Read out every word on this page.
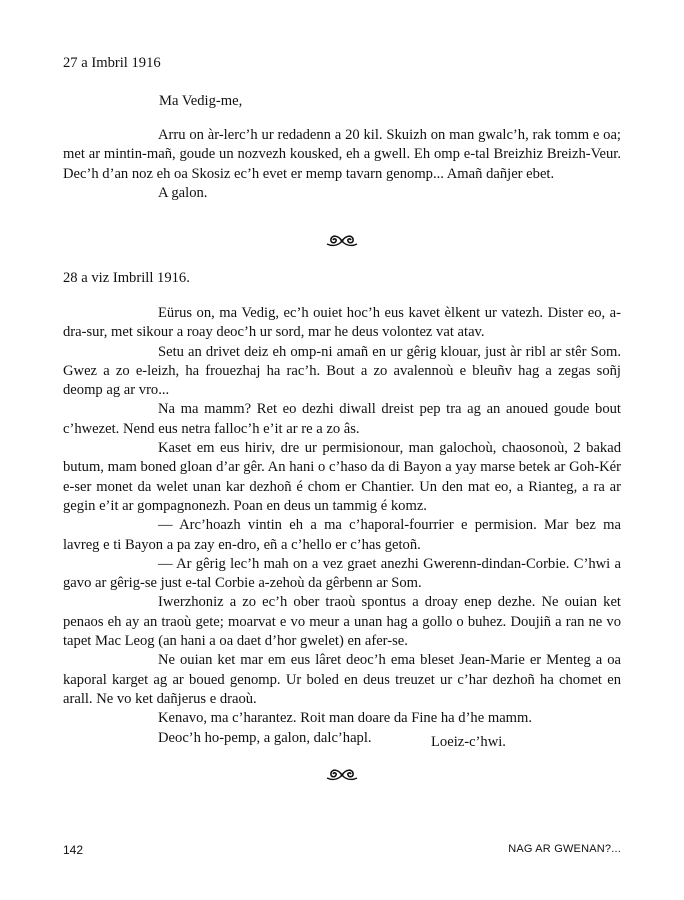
27 a Imbril 1916
Ma Vedig-me,

Arru on àr-lerc’h ur redadenn a 20 kil. Skuizh on man gwalc’h, rak tomm e oa; met ar mintin-mañ, goude un nozvezh kousked, eh a gwell. Eh omp e-tal Breizhiz Breizh-Veur. Dec’h d’an noz eh oa Skosiz ec’h evet er memp tavarn genomp... Amañ dañjer ebet.

A galon.

28 a viz Imbrill 1916.

Eürus on, ma Vedig, ec’h ouiet hoc’h eus kavet èlkent ur vatezh. Dister eo, a-dra-sur, met sikour a roay deoc’h ur sord, mar he deus volontez vat atav.

Setu an drivet deiz eh omp-ni amañ en ur gêrig klouar, just àr ribl ar stêr Som. Gwez a zo e-leizh, ha frouezhaj ha rac’h. Bout a zo avalennoù e bleuñv hag a zegas soñj deomp ag ar vro...

Na ma mamm? Ret eo dezhi diwall dreist pep tra ag an anoued goude bout c’hwezet. Nend eus netra falloc’h e’it ar re a zo âs.

Kaset em eus hiriv, dre ur permisionour, man galochoù, chaosonoù, 2 bakad butum, mam boned gloan d’ar gêr. An hani o c’haso da di Bayon a yay marse betek ar Goh-Kér e-ser monet da welet unan kar dezhoñ é chom er Chantier. Un den mat eo, a Rianteg, a ra ar gegin e’it ar gompagnonezh. Poan en deus un tammig é komz.

— Arc’hoazh vintin eh a ma c’haporal-fourrier e permision. Mar bez ma lavreg e ti Bayon a pa zay en-dro, eñ a c’hello er c’has getoñ.

— Ar gêrig lec’h mah on a vez graet anezhi Gwerenn-dindan-Corbie. C’hwi a gavo ar gêrig-se just e-tal Corbie a-zehoù da gêrbenn ar Som.

Iwerzhoniz a zo ec’h ober traoù spontus a droay enep dezhe. Ne ouian ket penaos eh ay an traoù gete; moarvat e vo meur a unan hag a gollo o buhez. Doujiñ a ran ne vo tapet Mac Leog (an hani a oa daet d’hor gwelet) en afer-se.

Ne ouian ket mar em eus lâret deoc’h ema bleset Jean-Marie er Menteg a oa kaporal karget ag ar boued genomp. Ur boled en deus treuzet ur c’har dezhoñ ha chomet en arall. Ne vo ket dañjerus e draoù.

Kenavo, ma c’harantez. Roit man doare da Fine ha d’he mamm.

Deoc’h ho-pemp, a galon, dalc’hapl.	Loeiz-c’hwi.
142	NAG AR GWENAN?...
